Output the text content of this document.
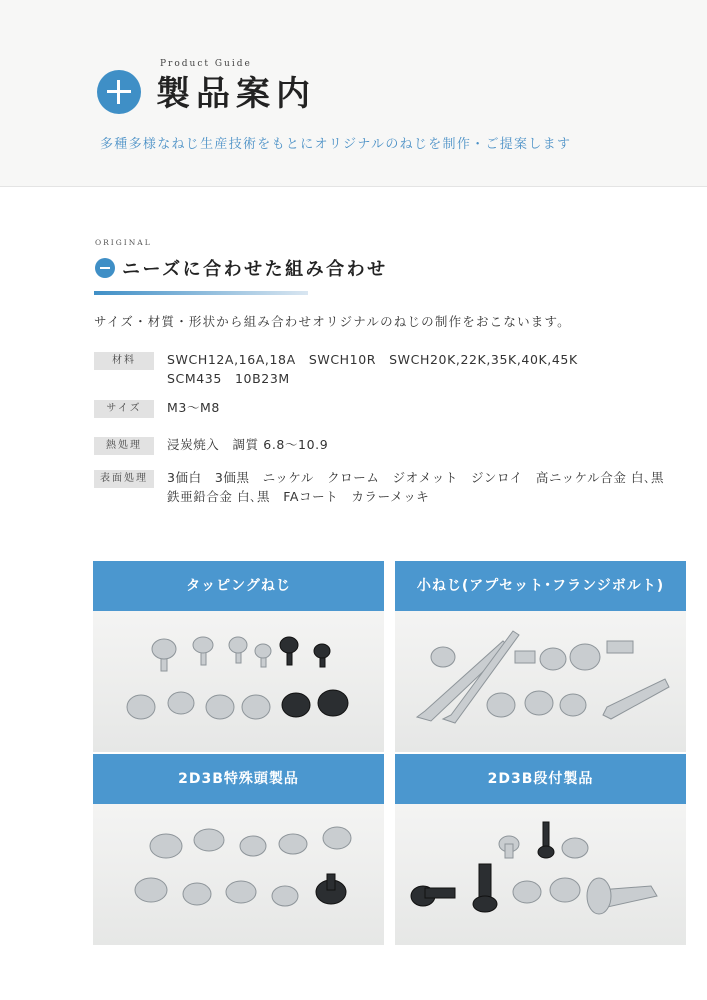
Product Guide
製品案内
多種多様なねじ生産技術をもとにオリジナルのねじを制作・ご提案します
ORIGINAL
ニーズに合わせた組み合わせ
サイズ・材質・形状から組み合わせオリジナルのねじの制作をおこないます。
材料	SWCH12A,16A,18A　SWCH10R　SWCH20K,22K,35K,40K,45K
SCM435　10B23M
サイズ	M3〜M8
熱処理	浸炭焼入　調質 6.8〜10.9
表面処理	3価白　3価黒　ニッケル　クローム　ジオメット　ジンロイ　高ニッケル合金 白､黒
鉄亜鉛合金 白､黒　FAコート　カラーメッキ
タッピングねじ	小ねじ(アプセット･フランジボルト)
2D3B特殊頭製品	2D3B段付製品
